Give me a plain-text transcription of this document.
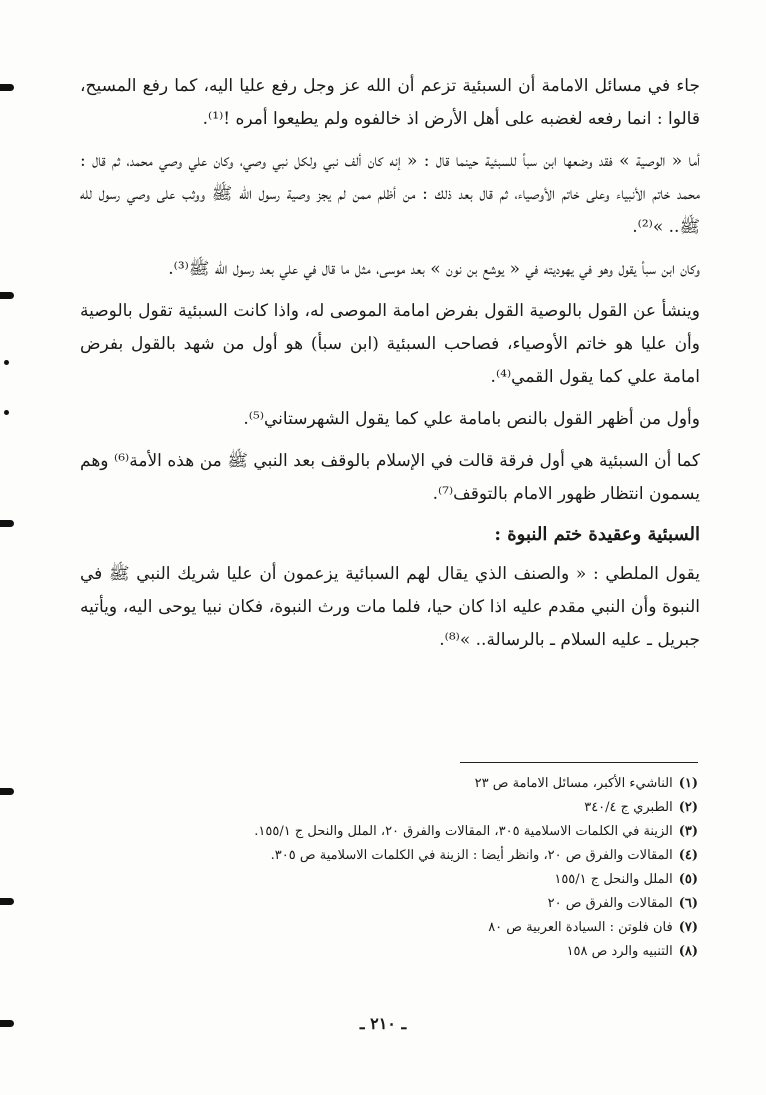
جاء في مسائل الامامة أن السبئية تزعم أن الله عز وجل رفع عليا اليه، كما رفع المسيح، قالوا : انما رفعه لغضبه على أهل الأرض اذ خالفوه ولم يطيعوا أمره !⁽¹⁾.

أما « الوصية » فقد وضعها ابن سبأ للسبئية حينما قال : « إنه كان ألف نبي ولكل نبي وصي، وكان علي وصي محمد، ثم قال : محمد خاتم الأنبياء وعلى خاتم الأوصياء، ثم قال بعد ذلك : من أظلم ممن لم يجز وصية رسول الله ﷺ ووثب على وصي رسول لله ﷺ.. »⁽²⁾.

وكان ابن سبأ يقول وهو في يهوديته في « يوشع بن نون » بعد موسى، مثل ما قال في علي بعد رسول الله ﷺ⁽³⁾.

وينشأ عن القول بالوصية القول بفرض امامة الموصى له، واذا كانت السبئية تقول بالوصية وأن عليا هو خاتم الأوصياء، فصاحب السبئية (ابن سبأ) هو أول من شهد بالقول بفرض امامة علي كما يقول القمي⁽⁴⁾.

وأول من أظهر القول بالنص بامامة علي كما يقول الشهرستاني⁽⁵⁾.

كما أن السبئية هي أول فرقة قالت في الإسلام بالوقف بعد النبي ﷺ من هذه الأمة⁽⁶⁾ وهم يسمون انتظار ظهور الامام بالتوقف⁽⁷⁾.

السبئية وعقيدة ختم النبوة :

يقول الملطي : « والصنف الذي يقال لهم السبائية يزعمون أن عليا شريك النبي ﷺ في النبوة وأن النبي مقدم عليه اذا كان حيا، فلما مات ورث النبوة، فكان نبيا يوحى اليه، ويأتيه جبريل ـ عليه السلام ـ بالرسالة.. »⁽⁸⁾.

(١)الناشيء الأكبر، مسائل الامامة ص ٢٣

(٢)الطبري ج ٣٤٠/٤

(٣)الزينة في الكلمات الاسلامية ٣٠٥، المقالات والفرق ٢٠، الملل والنحل ج ١٥٥/١.

(٤)المقالات والفرق ص ٢٠، وانظر أيضا : الزينة في الكلمات الاسلامية ص ٣٠٥.

(٥)الملل والنحل ج ١٥٥/١

(٦)المقالات والفرق ص ٢٠

(٧)فان فلوتن : السيادة العربية ص ٨٠

(٨)التنبيه والرد ص ١٥٨

ـ ٢١٠ ـ
